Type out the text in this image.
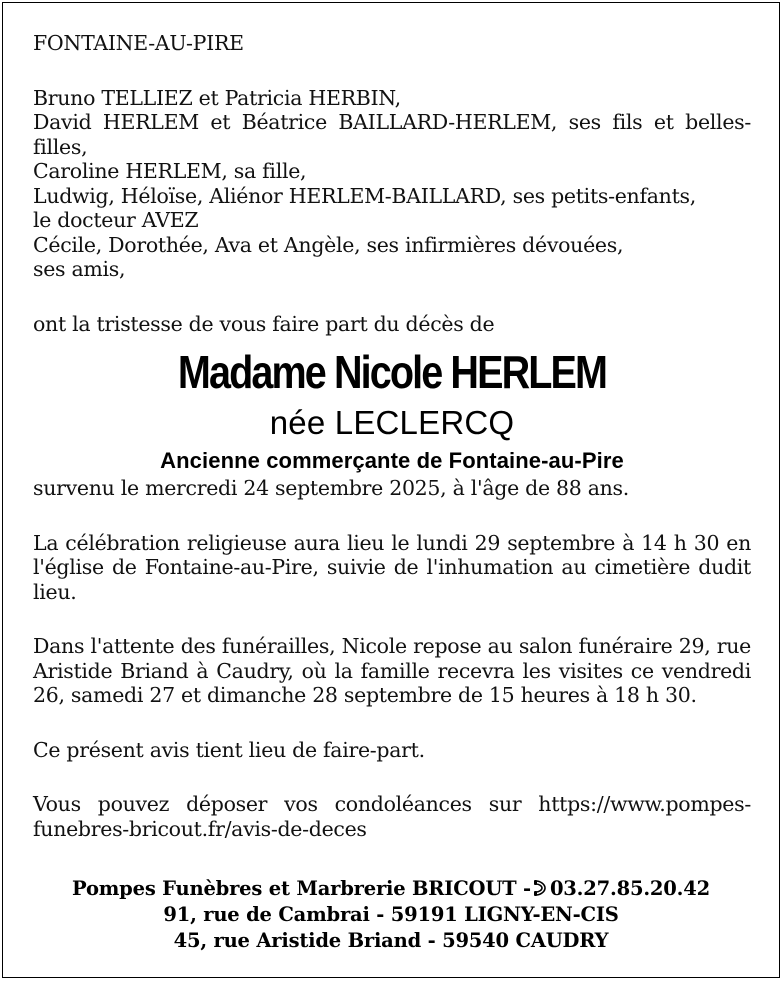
FONTAINE-AU-PIRE
Bruno TELLIEZ et Patricia HERBIN,
David HERLEM et Béatrice BAILLARD-HERLEM, ses fils et belles-filles,
Caroline HERLEM, sa fille,
Ludwig, Héloïse, Aliénor HERLEM-BAILLARD, ses petits-enfants,
le docteur AVEZ
Cécile, Dorothée, Ava et Angèle, ses infirmières dévouées,
ses amis,
ont la tristesse de vous faire part du décès de
Madame Nicole HERLEM
née LECLERCQ
Ancienne commerçante de Fontaine-au-Pire
survenu le mercredi 24 septembre 2025, à l'âge de 88 ans.
La célébration religieuse aura lieu le lundi 29 septembre à 14 h 30 en l'église de Fontaine-au-Pire, suivie de l'inhumation au cimetière dudit lieu.
Dans l'attente des funérailles, Nicole repose au salon funéraire 29, rue Aristide Briand à Caudry, où la famille recevra les visites ce vendredi 26, samedi 27 et dimanche 28 septembre de 15 heures à 18 h 30.
Ce présent avis tient lieu de faire-part.
Vous pouvez déposer vos condoléances sur https://www.pompes-funebres-bricout.fr/avis-de-deces
Pompes Funèbres et Marbrerie BRICOUT - 03.27.85.20.42
91, rue de Cambrai - 59191 LIGNY-EN-CIS
45, rue Aristide Briand - 59540 CAUDRY
